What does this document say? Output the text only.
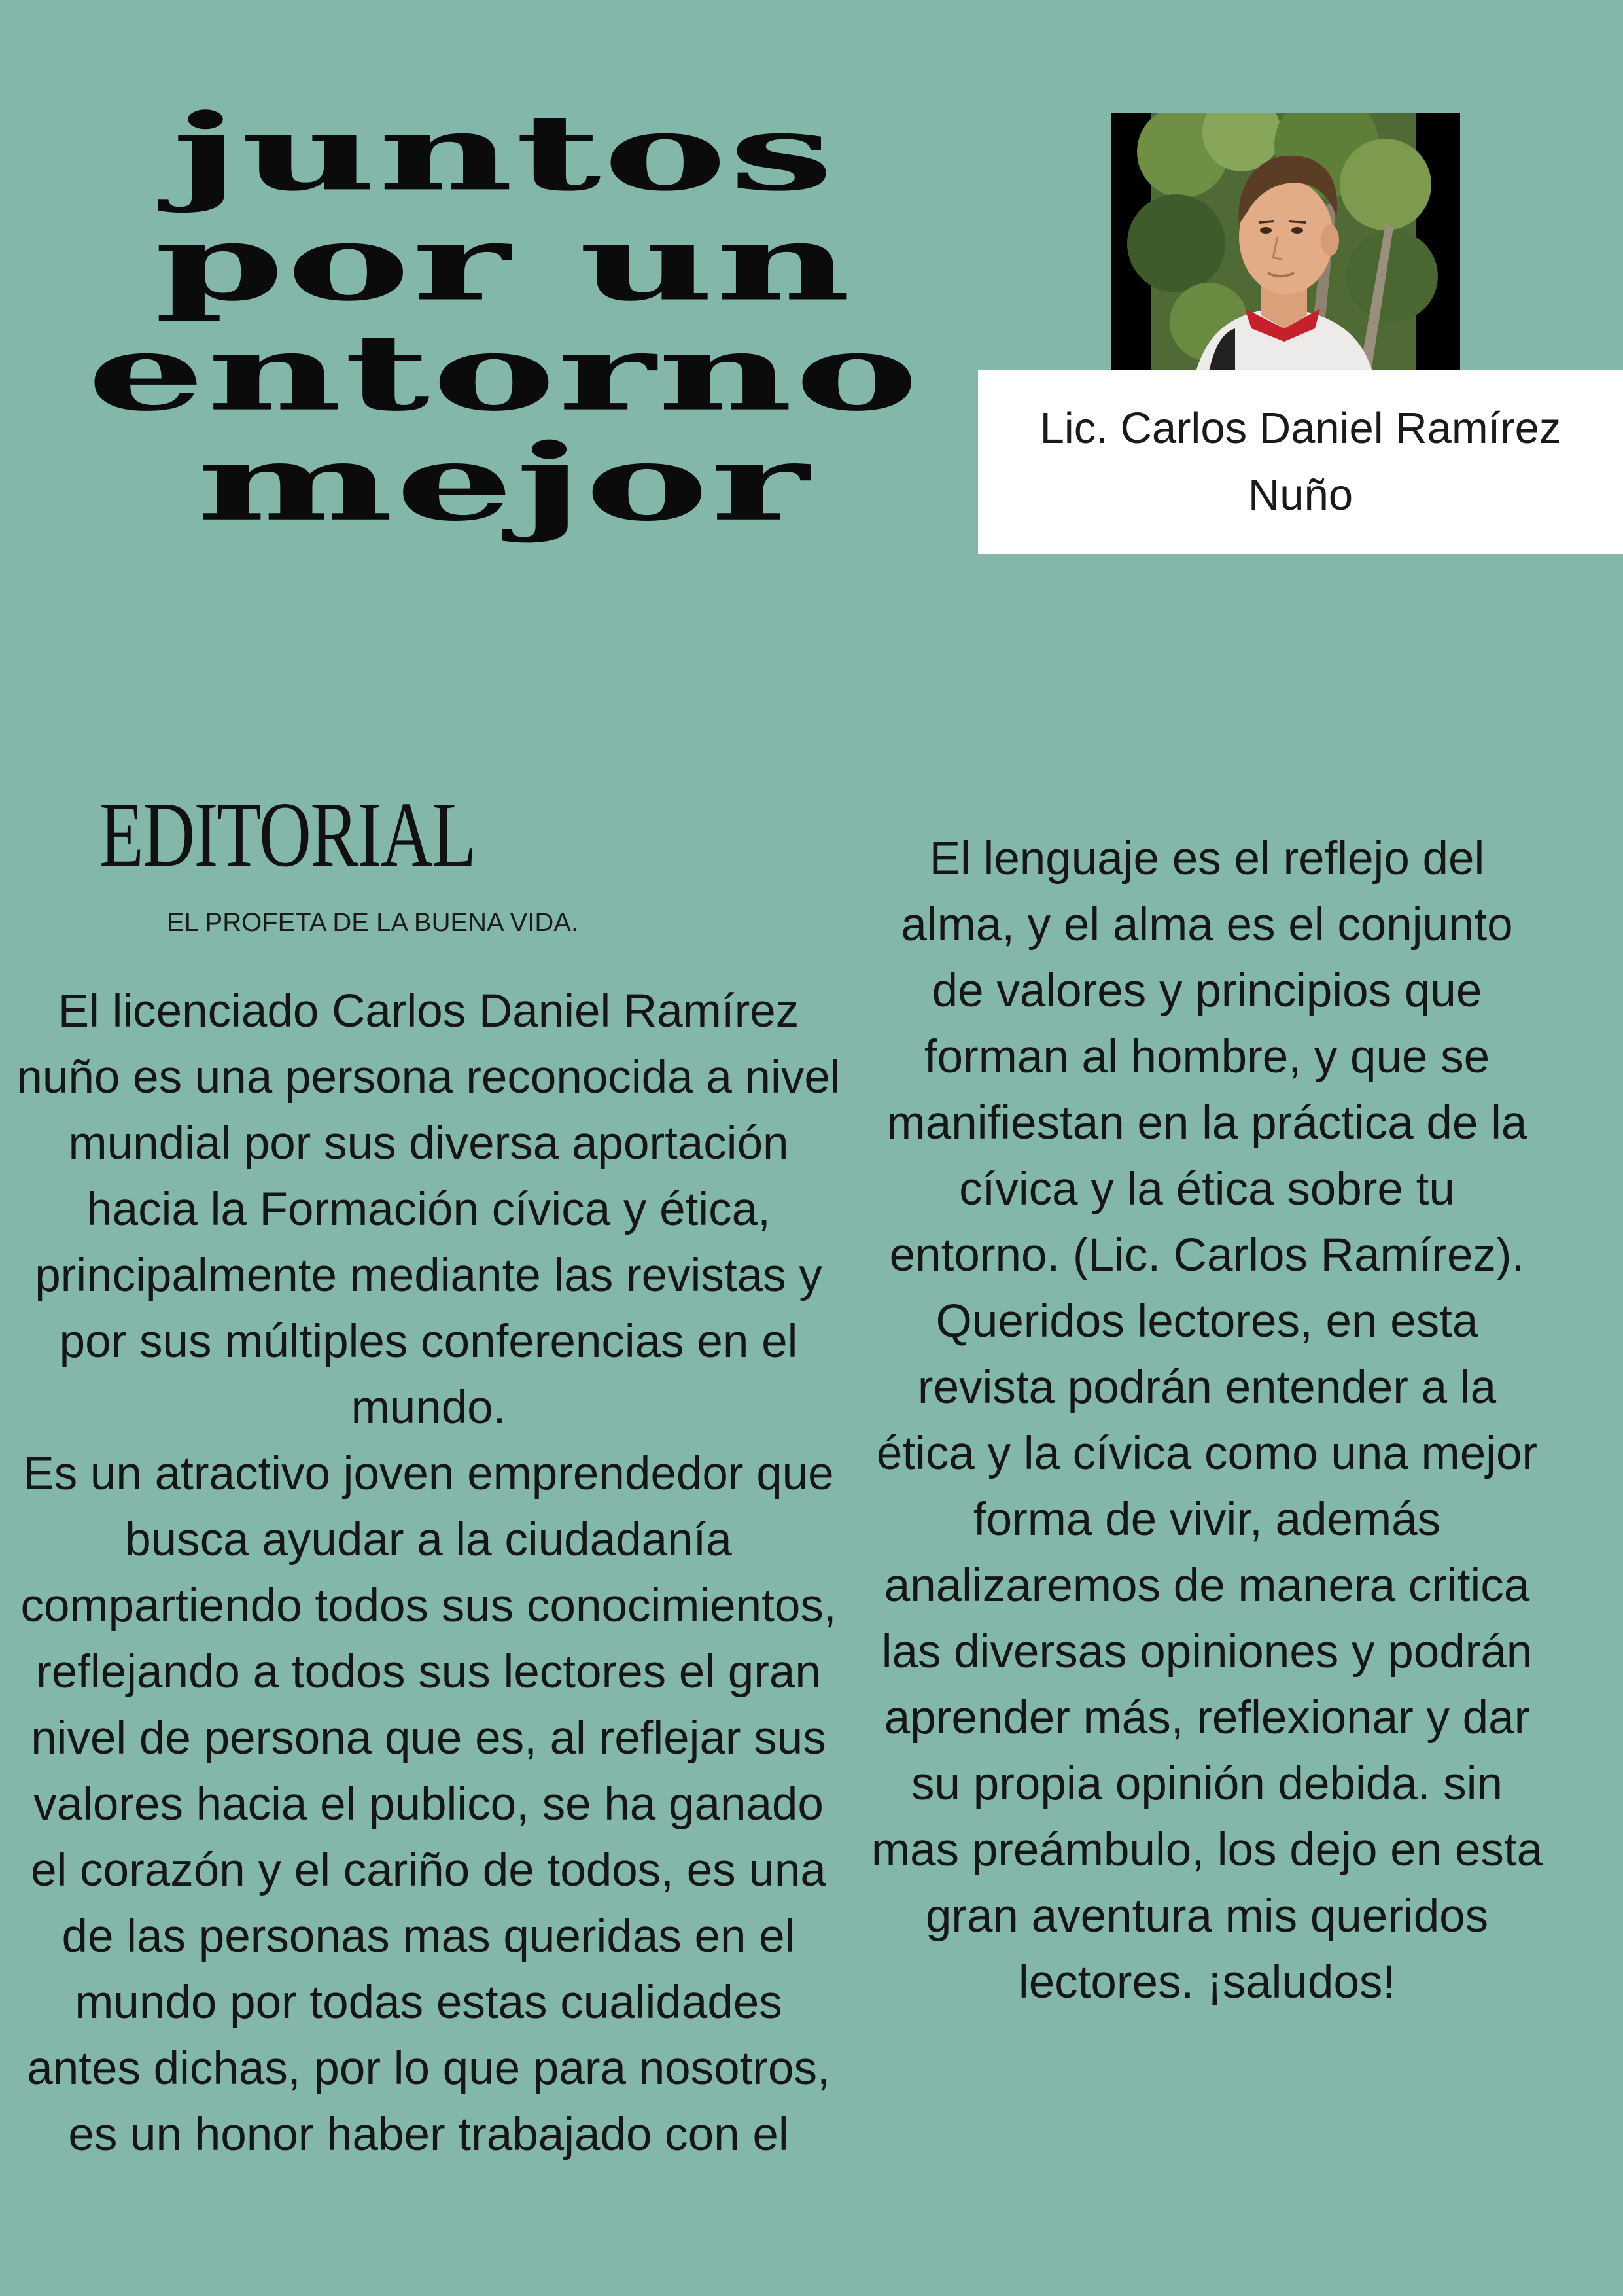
juntos
por un
entorno
mejor	Lic. Carlos Daniel Ramírez Nuño
EDITORIAL
EL PROFETA DE LA BUENA VIDA.

El licenciado Carlos Daniel Ramírez nuño es una persona reconocida a nivel mundial por sus diversa aportación hacia la Formación cívica y ética, principalmente mediante las revistas y por sus múltiples conferencias en el mundo.

Es un atractivo joven emprendedor que busca ayudar a la ciudadanía compartiendo todos sus conocimientos, reflejando a todos sus lectores el gran nivel de persona que es, al reflejar sus valores hacia el publico, se ha ganado el corazón y el cariño de todos, es una de las personas mas queridas en el mundo por todas estas cualidades antes dichas, por lo que para nosotros, es un honor haber trabajado con el

El lenguaje es el reflejo del alma, y el alma es el conjunto de valores y principios que forman al hombre, y que se manifiestan en la práctica de la cívica y la ética sobre tu entorno. (Lic. Carlos Ramírez).

Queridos lectores, en esta revista podrán entender a la ética y la cívica como una mejor forma de vivir, además analizaremos de manera critica las diversas opiniones y podrán aprender más, reflexionar y dar su propia opinión debida. sin mas preámbulo, los dejo en esta gran aventura mis queridos lectores. ¡saludos!
